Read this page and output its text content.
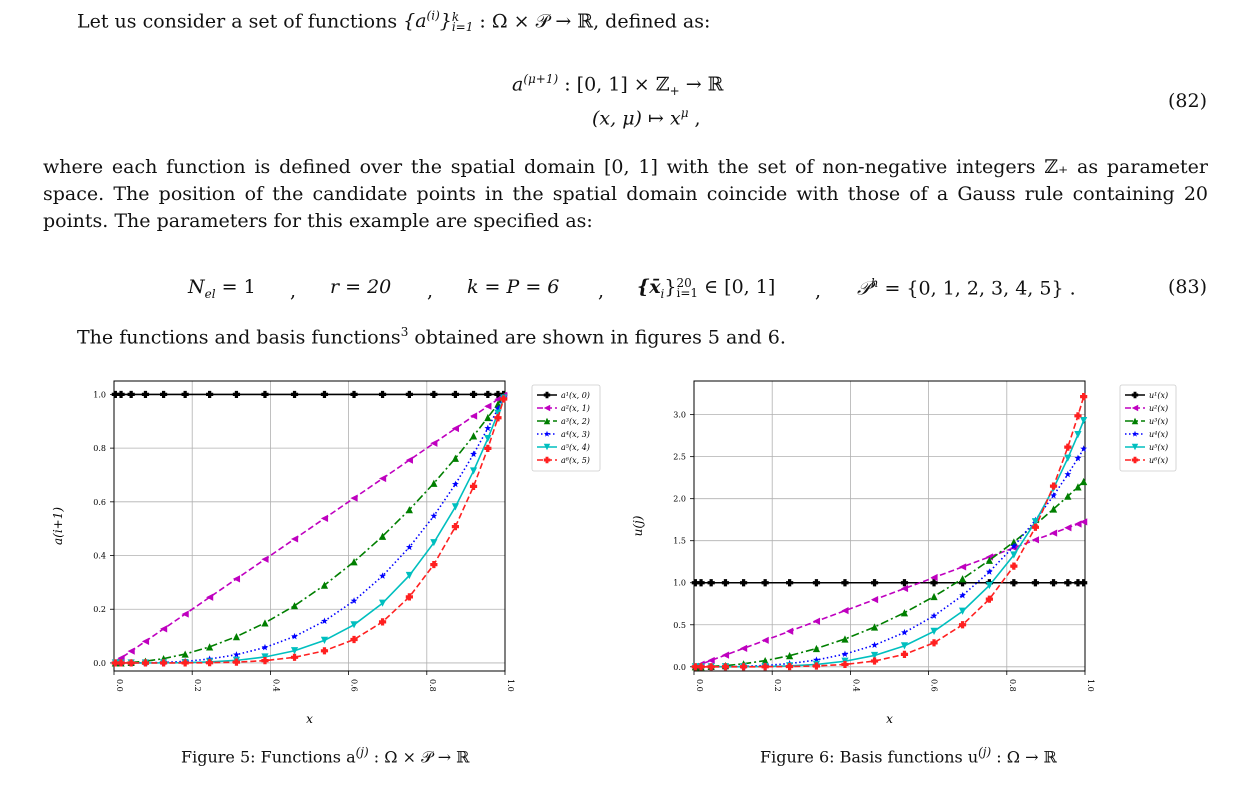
Let us consider a set of functions $\{a^{(i)}\}$ k
i=1 : Ω × 𝒫 → ℝ, defined as:
$a^{(\mu+1)}$ : [0, 1] × ℤ$_+$ → ℝ
(x, μ) ↦ $x^\mu$ ,
(82)
where each function is defined over the spatial domain [0, 1] with the set of non-negative integers ℤ₊ as parameter space. The position of the candidate points in the spatial domain coincide with those of a Gauss rule containing 20 points. The parameters for this example are specified as:
$N_{el} = 1$ , r = 20 , k = P = 6 , $\{x̄_i\}$ 20
i=1 ∈ [0, 1] , 𝒫$^h$ = {0, 1, 2, 3, 4, 5} .	(83)
The functions and basis functions$^3$ obtained are shown in figures 5 and 6.
0.0	0.2	0.4	0.6	0.8	1.0
0.0
0.2
0.4
0.6
0.8
1.0
x
a(i+1)
a¹(x, 0)
a²(x, 1)
a³(x, 2)
a⁴(x, 3)
a⁵(x, 4)
a⁶(x, 5)
Figure 5: Functions $a^{(j)}$ : Ω × 𝒫 → ℝ
0.0	0.2	0.4	0.6	0.8	1.0
0.0
0.5
1.0
1.5
2.0
2.5
3.0
x
u(j)
u¹(x)
u²(x)
u³(x)
u⁴(x)
u⁵(x)
u⁶(x)
Figure 6: Basis functions $u^{(j)}$ : Ω → ℝ
